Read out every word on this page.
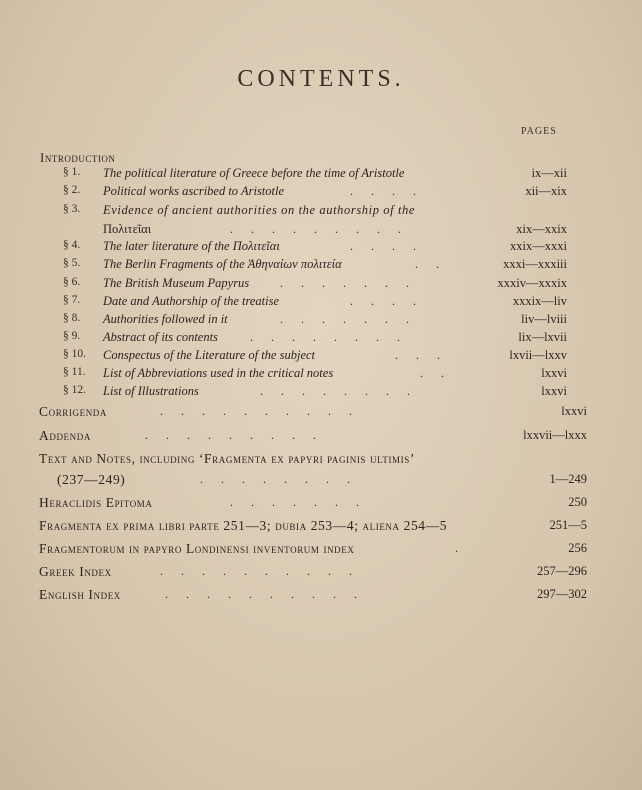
CONTENTS.
PAGES
Introduction
§ 1. The political literature of Greece before the time of Aristotle	ix—xii
§ 2. Political works ascribed to Aristotle	....	xii—xix
§ 3. Evidence of ancient authorities on the authorship of the
Πολιτεῖαι	.........	xix—xxix
§ 4. The later literature of the Πολιτεῖαι	....	xxix—xxxi
§ 5. The Berlin Fragments of the Ἀθηναίων πολιτεία	..	xxxi—xxxiii
§ 6. The British Museum Papyrus	.......	xxxiv—xxxix
§ 7. Date and Authorship of the treatise	....	xxxix—liv
§ 8. Authorities followed in it	.......	liv—lviii
§ 9. Abstract of its contents	........	lix—lxvii
§ 10. Conspectus of the Literature of the subject	...	lxvii—lxxv
§ 11. List of Abbreviations used in the critical notes	..	lxxvi
§ 12. List of Illustrations	........	lxxvi
Corrigenda	..........	lxxvi
Addenda	.........	lxxvii—lxxx
Text and Notes, including ‘Fragmenta ex papyri paginis ultimis’
(237—249)	........	1—249
Heraclidis Epitoma	.......	250
Fragmenta ex prima libri parte 251—3; dubia 253—4; aliena 254—5	251—5
Fragmentorum in papyro Londinensi inventorum index	.	256
Greek Index	..........	257—296
English Index	..........	297—302
